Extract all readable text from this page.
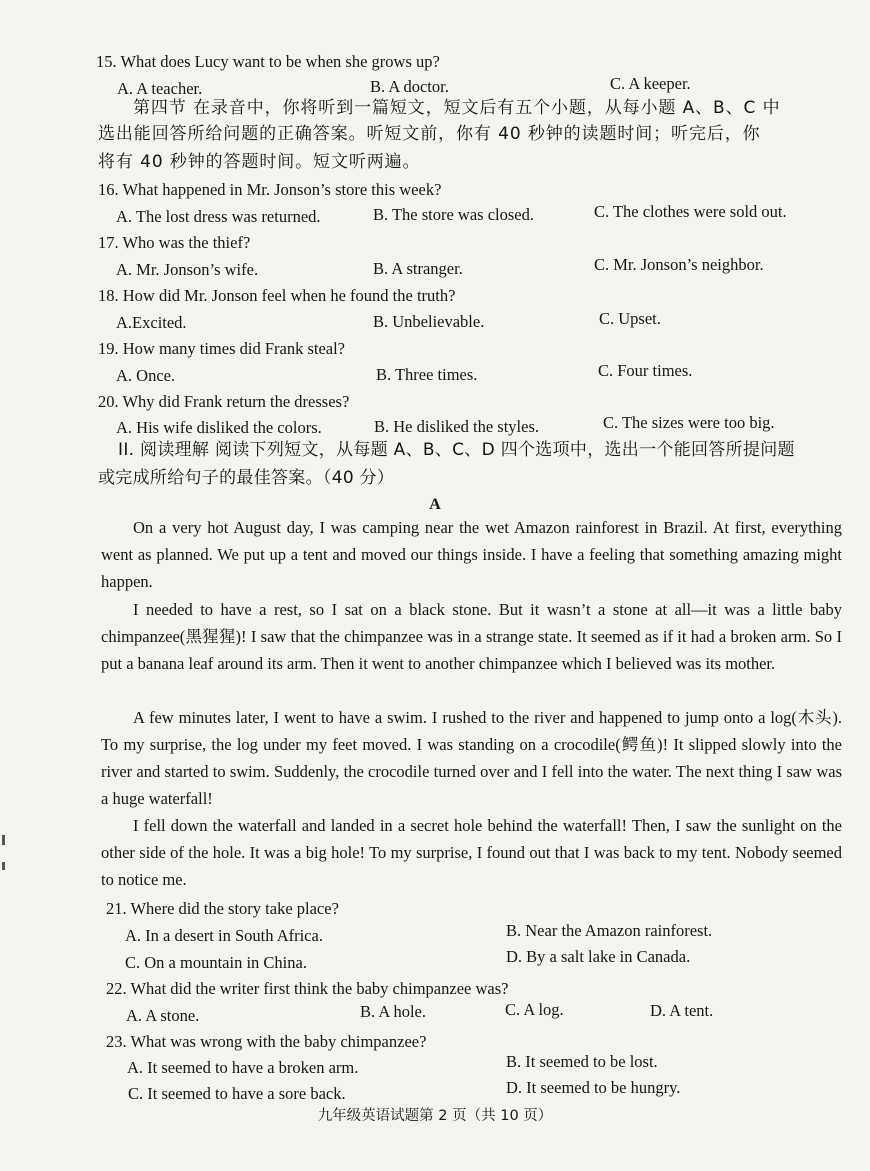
15. What does Lucy want to be when she grows up?
A. A teacher.	B. A doctor.	C. A keeper.
第四节 在录音中，你将听到一篇短文，短文后有五个小题，从每小题 A、B、C 中
选出能回答所给问题的正确答案。听短文前，你有 40 秒钟的读题时间；听完后，你
将有 40 秒钟的答题时间。短文听两遍。
16. What happened in Mr. Jonson’s store this week?
A. The lost dress was returned.	B. The store was closed.	C. The clothes were sold out.
17. Who was the thief?
A. Mr. Jonson’s wife.	B. A stranger.	C. Mr. Jonson’s neighbor.
18. How did Mr. Jonson feel when he found the truth?
A.Excited.	B. Unbelievable.	C. Upset.
19. How many times did Frank steal?
A. Once.	B. Three times.	C. Four times.
20. Why did Frank return the dresses?
A. His wife disliked the colors.	B. He disliked the styles.	C. The sizes were too big.
II. 阅读理解 阅读下列短文，从每题 A、B、C、D 四个选项中，选出一个能回答所提问题
或完成所给句子的最佳答案。（40 分）
A
On a very hot August day, I was camping near the wet Amazon rainforest in Brazil. At first, everything went as planned. We put up a tent and moved our things inside. I have a feeling that something amazing might happen.
I needed to have a rest, so I sat on a black stone. But it wasn’t a stone at all—it was a little baby chimpanzee(黑猩猩)! I saw that the chimpanzee was in a strange state. It seemed as if it had a broken arm. So I put a banana leaf around its arm. Then it went to another chimpanzee which I believed was its mother.
A few minutes later, I went to have a swim. I rushed to the river and happened to jump onto a log(木头). To my surprise, the log under my feet moved. I was standing on a crocodile(鳄鱼)! It slipped slowly into the river and started to swim. Suddenly, the crocodile turned over and I fell into the water. The next thing I saw was a huge waterfall!
I fell down the waterfall and landed in a secret hole behind the waterfall! Then, I saw the sunlight on the other side of the hole. It was a big hole! To my surprise, I found out that I was back to my tent. Nobody seemed to notice me.
21. Where did the story take place?
A. In a desert in South Africa.	B. Near the Amazon rainforest.
C. On a mountain in China.	D. By a salt lake in Canada.
22. What did the writer first think the baby chimpanzee was?
A. A stone.	B. A hole.	C. A log.	D. A tent.
23. What was wrong with the baby chimpanzee?
A. It seemed to have a broken arm.	B. It seemed to be lost.
C. It seemed to have a sore back.	D. It seemed to be hungry.
九年级英语试题第 2 页（共 10 页）
